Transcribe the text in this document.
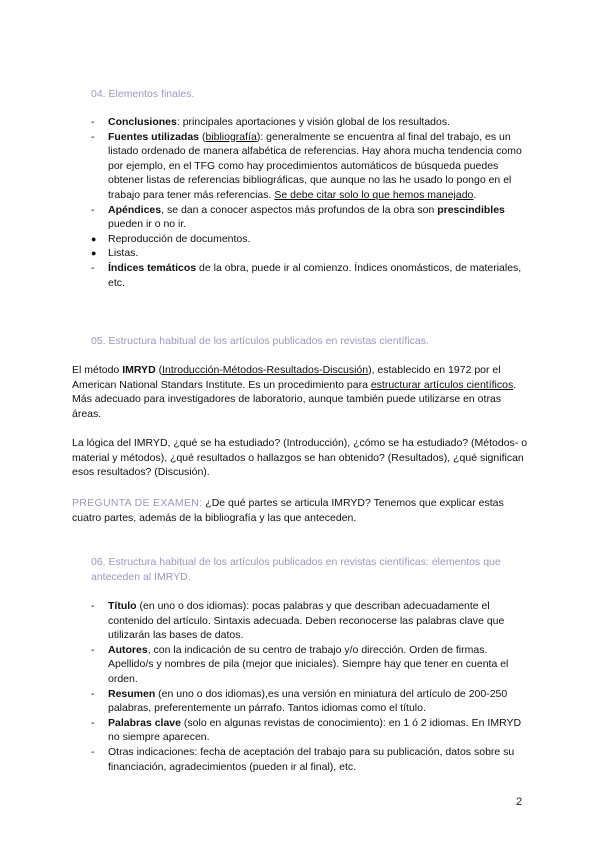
04. Elementos finales.
-	Conclusiones: principales aportaciones y visión global de los resultados.
-	Fuentes utilizadas (bibliografía): generalmente se encuentra al final del trabajo, es un listado ordenado de manera alfabética de referencias. Hay ahora mucha tendencia como por ejemplo, en el TFG como hay procedimientos automáticos de búsqueda puedes obtener listas de referencias bibliográficas, que aunque no las he usado lo pongo en el trabajo para tener más referencias. Se debe citar solo lo que hemos manejado.
-	Apéndices, se dan a conocer aspectos más profundos de la obra son prescindibles pueden ir o no ir.
●	Reproducción de documentos.
●	Listas.
-	Índices temáticos de la obra, puede ir al comienzo. Índices onomásticos, de materiales, etc.
05. Estructura habitual de los artículos publicados en revistas científicas.

El método IMRYD (Introducción-Métodos-Resultados-Discusión), establecido en 1972 por el American National Standars Institute. Es un procedimiento para estructurar artículos científicos. Más adecuado para investigadores de laboratorio, aunque también puede utilizarse en otras áreas.

La lógica del IMRYD, ¿qué se ha estudiado? (Introducción), ¿cómo se ha estudiado? (Métodos- o material y métodos), ¿qué resultados o hallazgos se han obtenido? (Resultados), ¿qué significan esos resultados? (Discusión).

PREGUNTA DE EXAMEN: ¿De qué partes se articula IMRYD? Tenemos que explicar estas cuatro partes, además de la bibliografía y las que anteceden.

06. Estructura habitual de los artículos publicados en revistas científicas: elementos que anteceden al IMRYD.
-	Título (en uno o dos idiomas): pocas palabras y que describan adecuadamente el contenido del artículo. Sintaxis adecuada. Deben reconocerse las palabras clave que utilizarán las bases de datos.
-	Autores, con la indicación de su centro de trabajo y/o dirección. Orden de firmas. Apellido/s y nombres de pila (mejor que iniciales). Siempre hay que tener en cuenta el orden.
-	Resumen (en uno o dos idiomas),es una versión en miniatura del artículo de 200-250 palabras, preferentemente un párrafo. Tantos idiomas como el título.
-	Palabras clave (solo en algunas revistas de conocimiento): en 1 ó 2 idiomas. En IMRYD no siempre aparecen.
-	Otras indicaciones: fecha de aceptación del trabajo para su publicación, datos sobre su financiación, agradecimientos (pueden ir al final), etc.
2
